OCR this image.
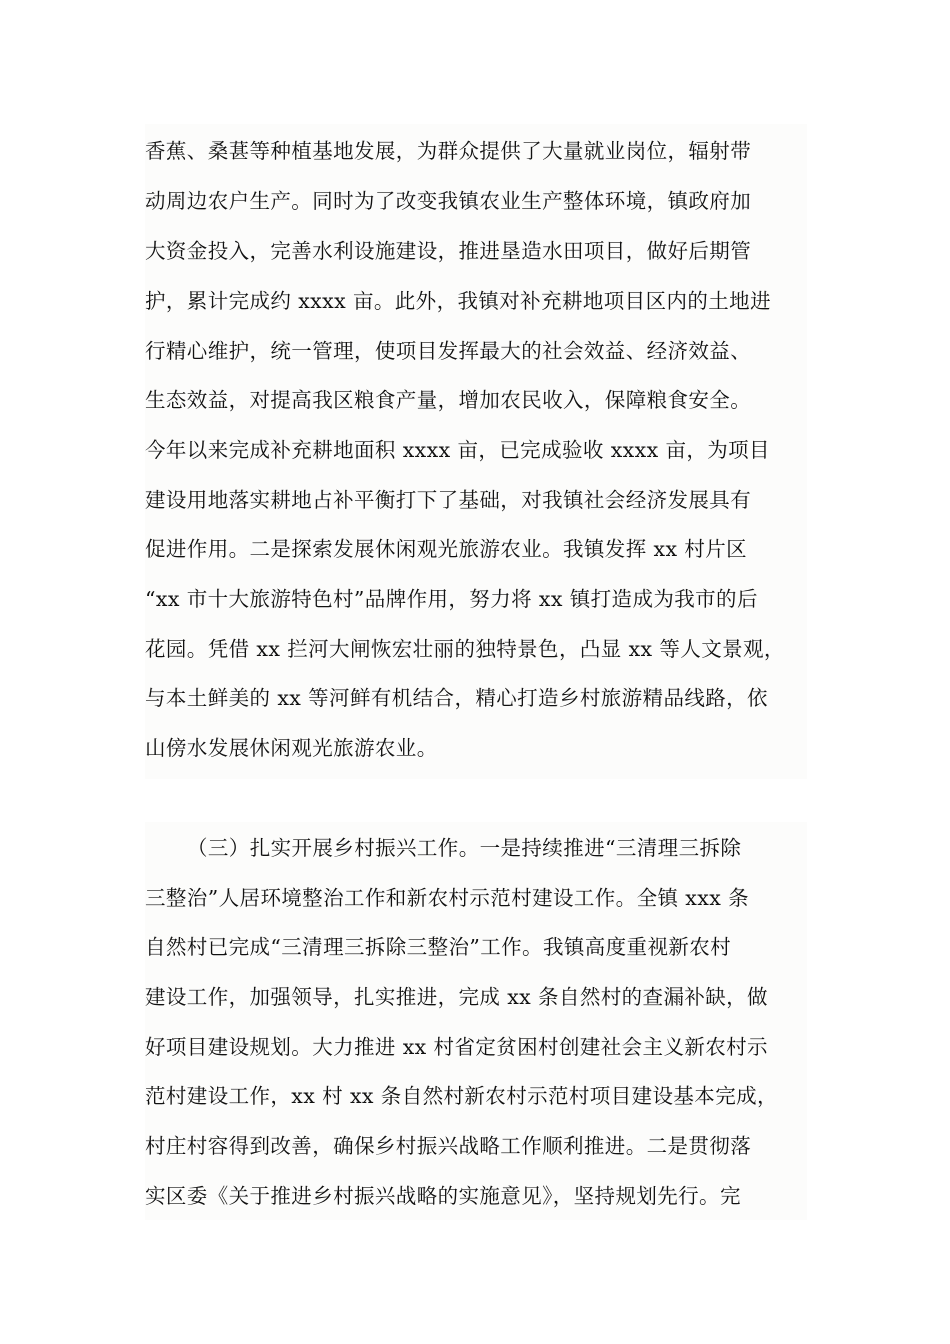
香蕉、桑葚等种植基地发展，为群众提供了大量就业岗位，辐射带
动周边农户生产。同时为了改变我镇农业生产整体环境，镇政府加
大资金投入，完善水利设施建设，推进垦造水田项目，做好后期管
护，累计完成约 xxxx 亩。此外，我镇对补充耕地项目区内的土地进
行精心维护，统一管理，使项目发挥最大的社会效益、经济效益、
生态效益，对提高我区粮食产量，增加农民收入，保障粮食安全。
今年以来完成补充耕地面积 xxxx 亩，已完成验收 xxxx 亩，为项目
建设用地落实耕地占补平衡打下了基础，对我镇社会经济发展具有
促进作用。二是探索发展休闲观光旅游农业。我镇发挥 xx 村片区
“xx 市十大旅游特色村”品牌作用，努力将 xx 镇打造成为我市的后
花园。凭借 xx 拦河大闸恢宏壮丽的独特景色，凸显 xx 等人文景观，
与本土鲜美的 xx 等河鲜有机结合，精心打造乡村旅游精品线路，依
山傍水发展休闲观光旅游农业。
（三）扎实开展乡村振兴工作。一是持续推进“三清理三拆除
三整治”人居环境整治工作和新农村示范村建设工作。全镇 xxx 条
自然村已完成“三清理三拆除三整治”工作。我镇高度重视新农村
建设工作，加强领导，扎实推进，完成 xx 条自然村的查漏补缺，做
好项目建设规划。大力推进 xx 村省定贫困村创建社会主义新农村示
范村建设工作，xx 村 xx 条自然村新农村示范村项目建设基本完成，
村庄村容得到改善，确保乡村振兴战略工作顺利推进。二是贯彻落
实区委《关于推进乡村振兴战略的实施意见》，坚持规划先行。完
